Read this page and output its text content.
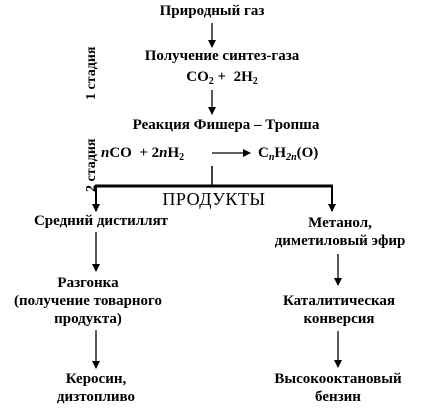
Природный газ
Получение синтез-газа
$CO_2 + 2H_2$
Реакция Фишера – Тропша
nCO  + $2nH_2$	$C_nH_{2n}(O)$
ПРОДУКТЫ
1 стадия
2 стадия
Средний дистиллят
Разгонка
(получение товарного
продукта)
Керосин,
дизтопливо
Метанол,
диметиловый эфир
Каталитическая
конверсия
Высокооктановый
бензин
